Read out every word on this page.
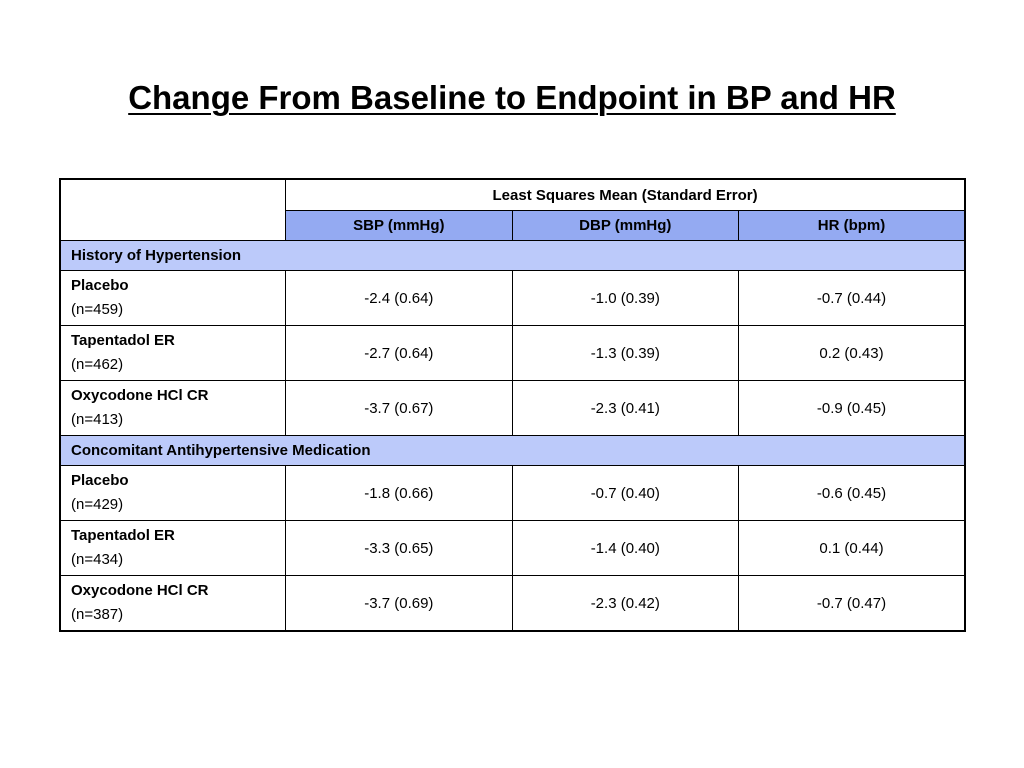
Change From Baseline to Endpoint in BP and HR
	Least Squares Mean (Standard Error)		
	SBP (mmHg)	DBP (mmHg)	HR (bpm)
History of Hypertension			

Placebo
(n=459)	-2.4 (0.64)	-1.0 (0.39)	-0.7 (0.44)

Tapentadol ER
(n=462)	-2.7 (0.64)	-1.3 (0.39)	0.2 (0.43)

Oxycodone HCl CR
(n=413)	-3.7 (0.67)	-2.3 (0.41)	-0.9 (0.45)
Concomitant Antihypertensive Medication			

Placebo
(n=429)	-1.8 (0.66)	-0.7 (0.40)	-0.6 (0.45)

Tapentadol ER
(n=434)	-3.3 (0.65)	-1.4 (0.40)	0.1 (0.44)

Oxycodone HCl CR
(n=387)	-3.7 (0.69)	-2.3 (0.42)	-0.7 (0.47)
